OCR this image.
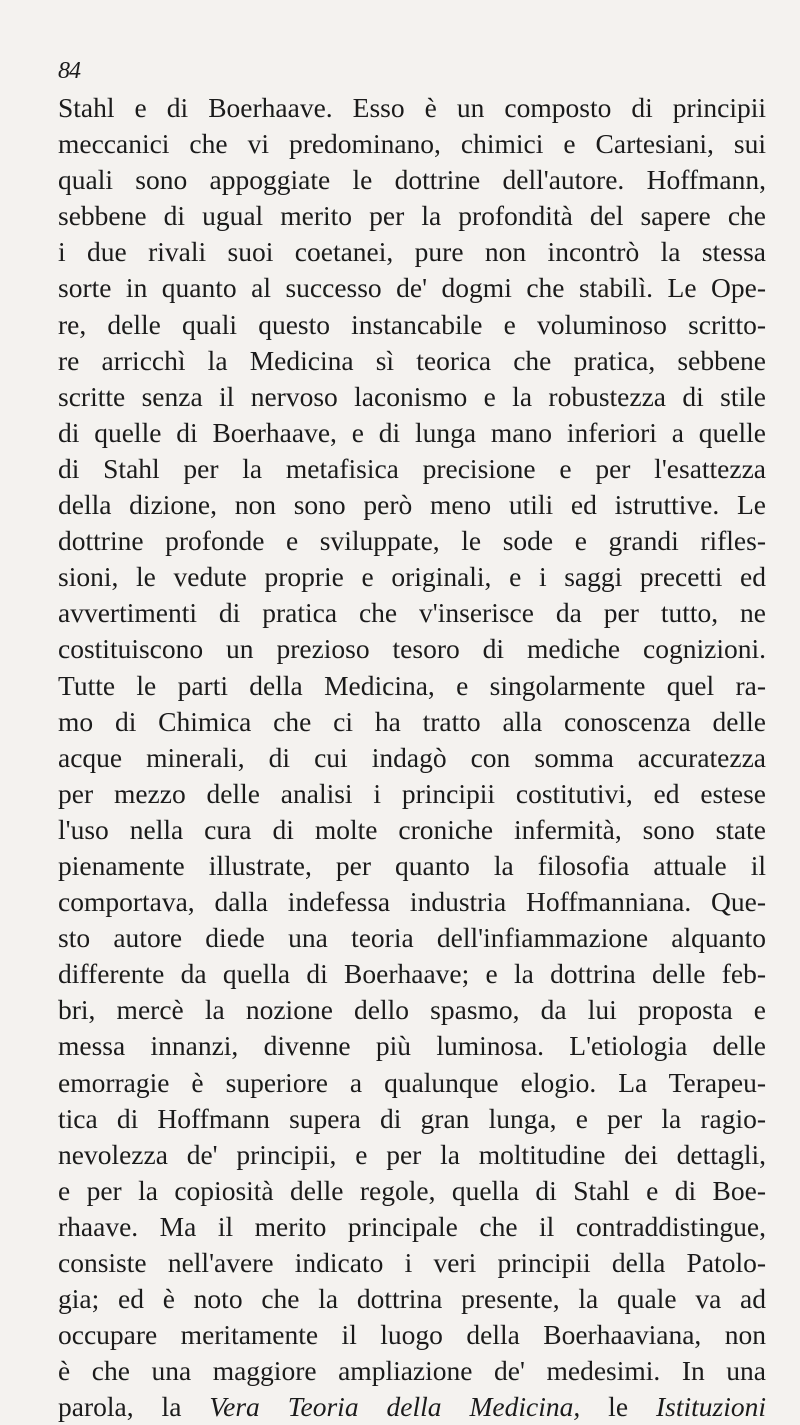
84
Stahl e di Boerhaave. Esso è un composto di principii
meccanici che vi predominano, chimici e Cartesiani, sui
quali sono appoggiate le dottrine dell'autore. Hoffmann,
sebbene di ugual merito per la profondità del sapere che
i due rivali suoi coetanei, pure non incontrò la stessa
sorte in quanto al successo de' dogmi che stabilì. Le Ope-
re, delle quali questo instancabile e voluminoso scritto-
re arricchì la Medicina sì teorica che pratica, sebbene
scritte senza il nervoso laconismo e la robustezza di stile
di quelle di Boerhaave, e di lunga mano inferiori a quelle
di Stahl per la metafisica precisione e per l'esattezza
della dizione, non sono però meno utili ed istruttive. Le
dottrine profonde e sviluppate, le sode e grandi rifles-
sioni, le vedute proprie e originali, e i saggi precetti ed
avvertimenti di pratica che v'inserisce da per tutto, ne
costituiscono un prezioso tesoro di mediche cognizioni.
Tutte le parti della Medicina, e singolarmente quel ra-
mo di Chimica che ci ha tratto alla conoscenza delle
acque minerali, di cui indagò con somma accuratezza
per mezzo delle analisi i principii costitutivi, ed estese
l'uso nella cura di molte croniche infermità, sono state
pienamente illustrate, per quanto la filosofia attuale il
comportava, dalla indefessa industria Hoffmanniana. Que-
sto autore diede una teoria dell'infiammazione alquanto
differente da quella di Boerhaave; e la dottrina delle feb-
bri, mercè la nozione dello spasmo, da lui proposta e
messa innanzi, divenne più luminosa. L'etiologia delle
emorragie è superiore a qualunque elogio. La Terapeu-
tica di Hoffmann supera di gran lunga, e per la ragio-
nevolezza de' principii, e per la moltitudine dei dettagli,
e per la copiosità delle regole, quella di Stahl e di Boe-
rhaave. Ma il merito principale che il contraddistingue,
consiste nell'avere indicato i veri principii della Patolo-
gia; ed è noto che la dottrina presente, la quale va ad
occupare meritamente il luogo della Boerhaaviana, non
è che una maggiore ampliazione de' medesimi. In una
parola, la Vera Teoria della Medicina, le Istituzioni
